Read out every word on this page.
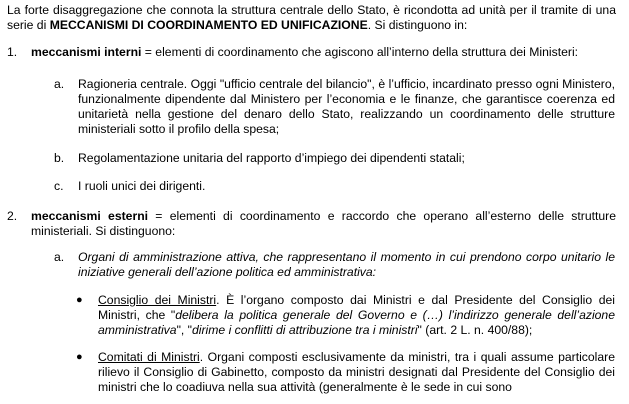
La forte disaggregazione che connota la struttura centrale dello Stato, è ricondotta ad unità per il tramite di una serie di MECCANISMI DI COORDINAMENTO ED UNIFICAZIONE. Si distinguono in:

1. meccanismi interni = elementi di coordinamento che agiscono all’interno della struttura dei Ministeri:

a. Ragioneria centrale. Oggi "ufficio centrale del bilancio", è l’ufficio, incardinato presso ogni Ministero, funzionalmente dipendente dal Ministero per l’economia e le finanze, che garantisce coerenza ed unitarietà nella gestione del denaro dello Stato, realizzando un coordinamento delle strutture ministeriali sotto il profilo della spesa;

b. Regolamentazione unitaria del rapporto d’impiego dei dipendenti statali;

c. I ruoli unici dei dirigenti.

2. meccanismi esterni = elementi di coordinamento e raccordo che operano all’esterno delle strutture ministeriali. Si distinguono:

a. Organi di amministrazione attiva, che rappresentano il momento in cui prendono corpo unitario le iniziative generali dell’azione politica ed amministrativa:

● Consiglio dei Ministri. È l’organo composto dai Ministri e dal Presidente del Consiglio dei Ministri, che "delibera la politica generale del Governo e (…) l’indirizzo generale dell’azione amministrativa", "dirime i conflitti di attribuzione tra i ministri" (art. 2 L. n. 400/88);

● Comitati di Ministri. Organi composti esclusivamente da ministri, tra i quali assume particolare rilievo il Consiglio di Gabinetto, composto da ministri designati dal Presidente del Consiglio dei ministri che lo coadiuva nella sua attività (generalmente è le sede in cui sono
